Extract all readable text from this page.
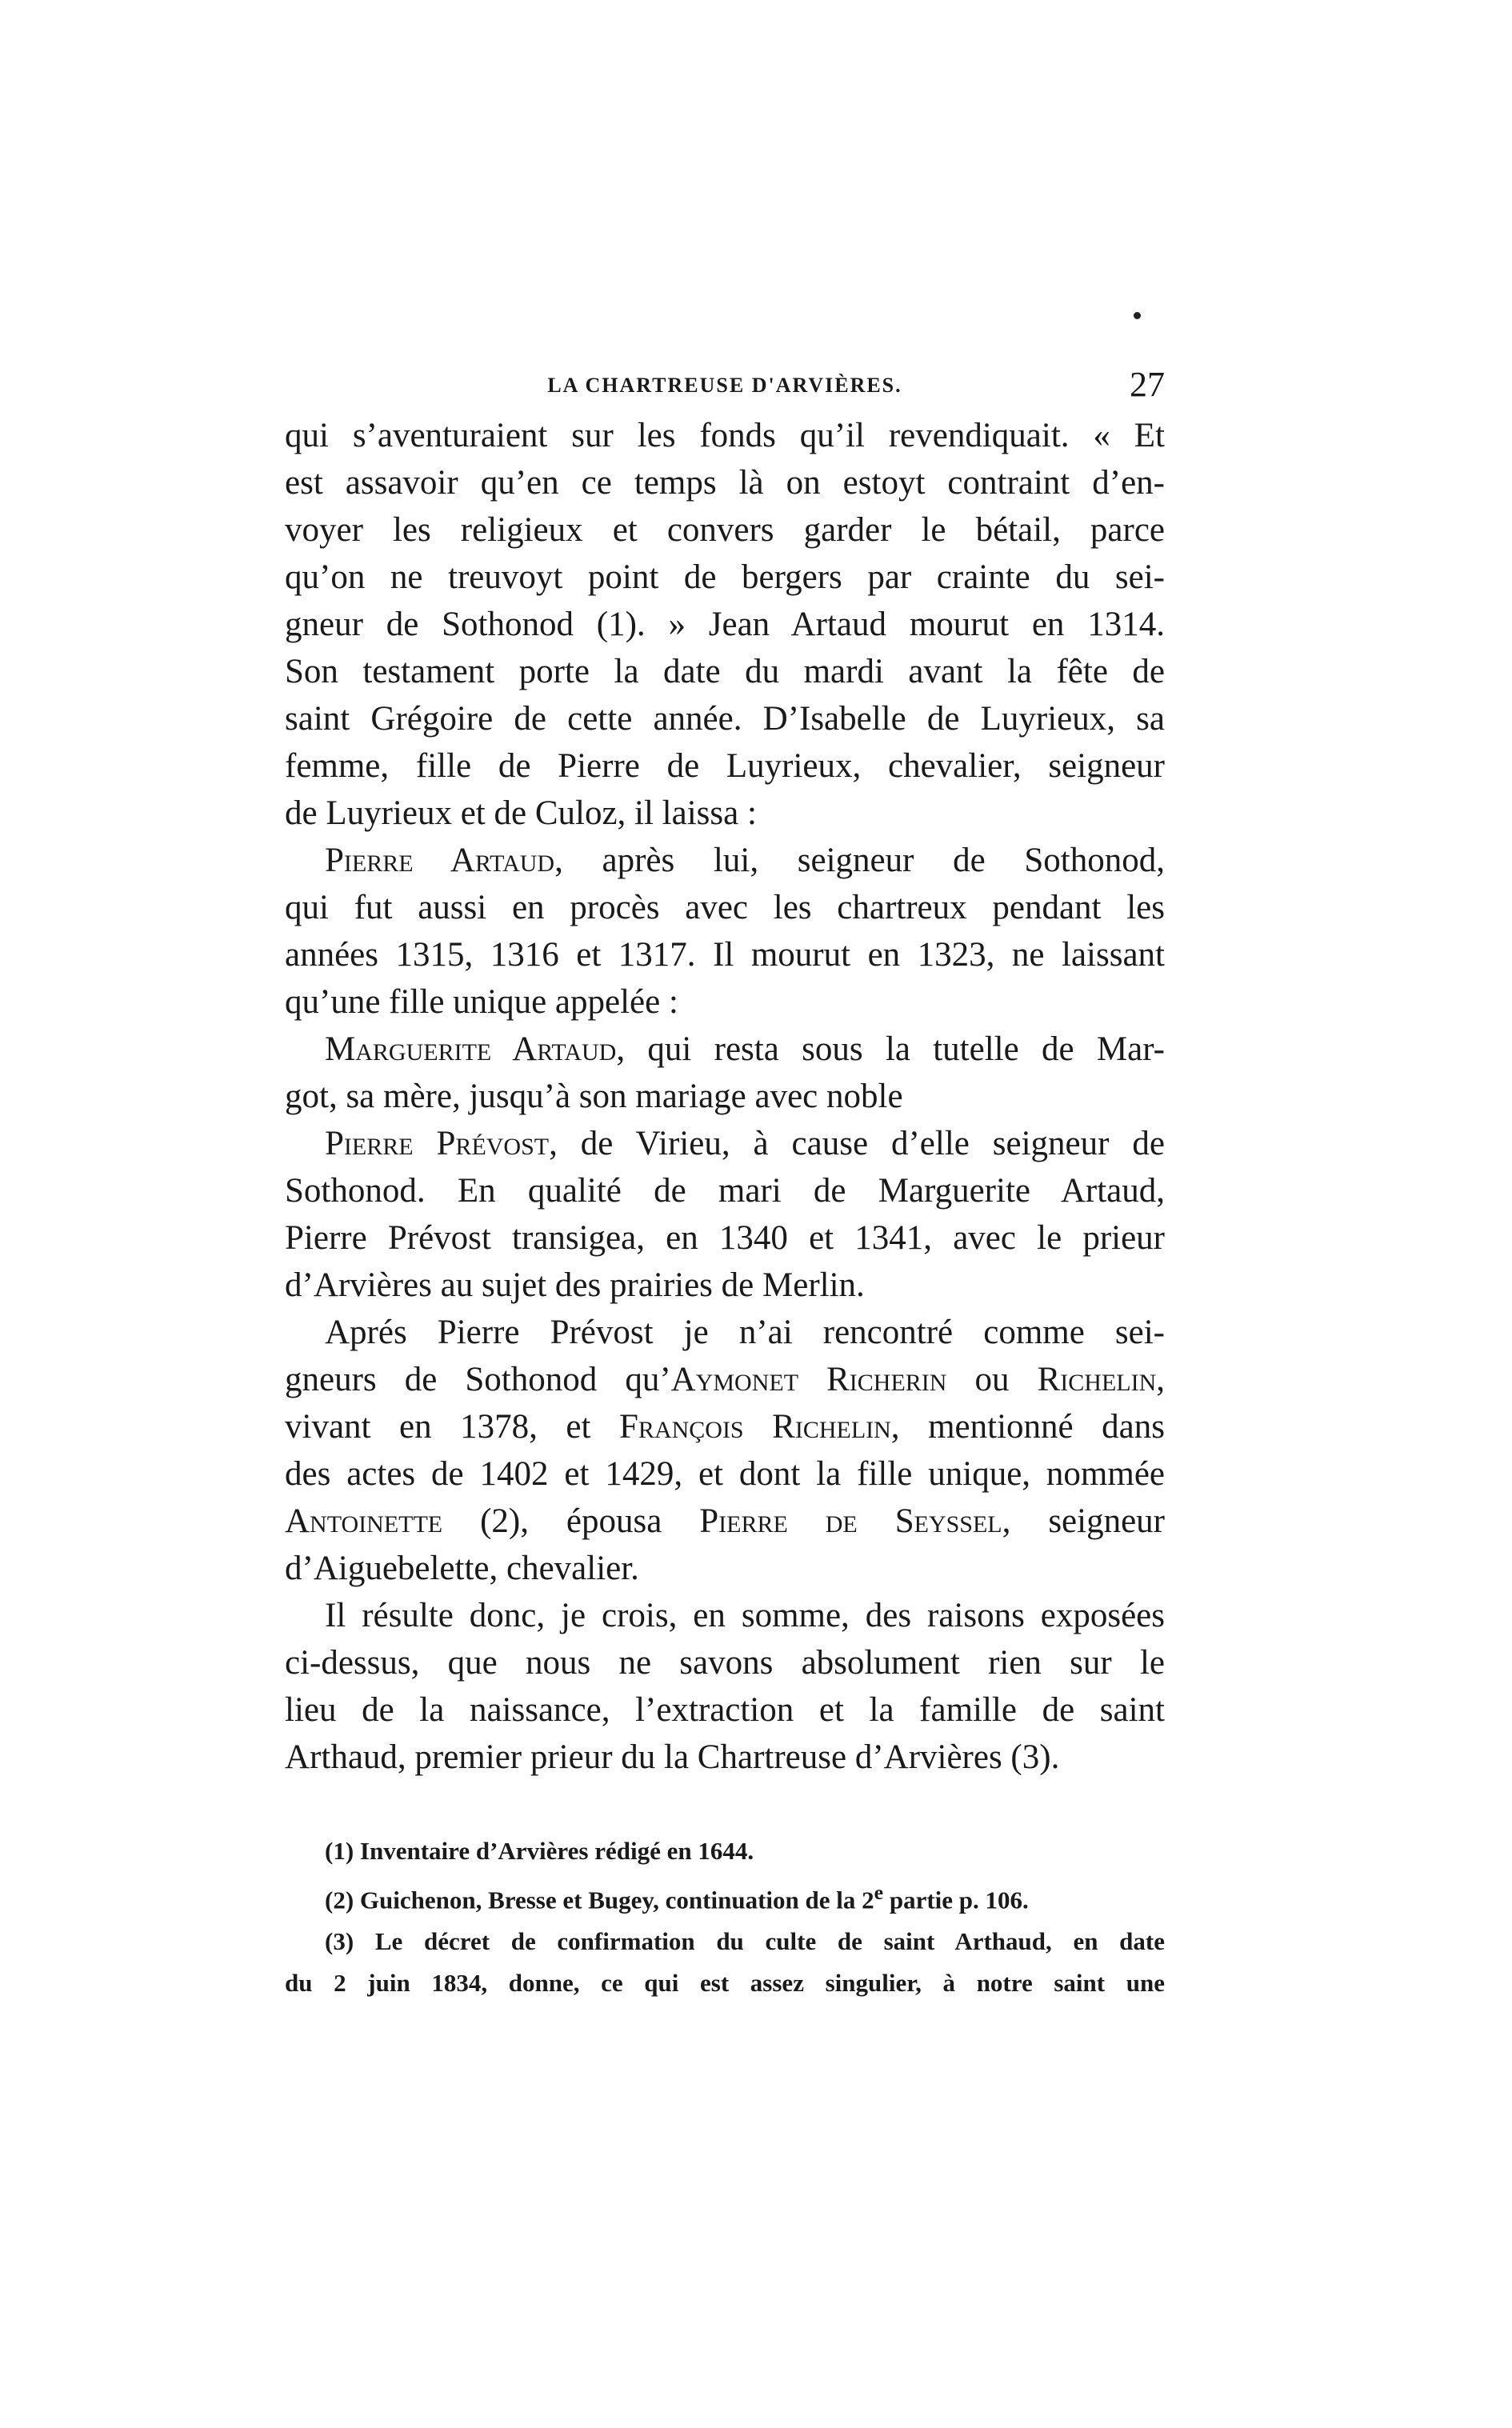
LA CHARTREUSE D'ARVIÈRES.	27

qui s’aventuraient sur les fonds qu’il revendiquait. « Et
est assavoir qu’en ce temps là on estoyt contraint d’en-
voyer les religieux et convers garder le bétail, parce
qu’on ne treuvoyt point de bergers par crainte du sei-
gneur de Sothonod (1). » Jean Artaud mourut en 1314.
Son testament porte la date du mardi avant la fête de
saint Grégoire de cette année. D’Isabelle de Luyrieux, sa
femme, fille de Pierre de Luyrieux, chevalier, seigneur
de Luyrieux et de Culoz, il laissa :

Pierre Artaud, après lui, seigneur de Sothonod,
qui fut aussi en procès avec les chartreux pendant les
années 1315, 1316 et 1317. Il mourut en 1323, ne laissant
qu’une fille unique appelée :

Marguerite Artaud, qui resta sous la tutelle de Mar-
got, sa mère, jusqu’à son mariage avec noble

Pierre Prévost, de Virieu, à cause d’elle seigneur de
Sothonod. En qualité de mari de Marguerite Artaud,
Pierre Prévost transigea, en 1340 et 1341, avec le prieur
d’Arvières au sujet des prairies de Merlin.

Aprés Pierre Prévost je n’ai rencontré comme sei-
gneurs de Sothonod qu’Aymonet Richerin ou Richelin,
vivant en 1378, et François Richelin, mentionné dans
des actes de 1402 et 1429, et dont la fille unique, nommée
Antoinette (2), épousa Pierre de Seyssel, seigneur
d’Aiguebelette, chevalier.

Il résulte donc, je crois, en somme, des raisons exposées
ci-dessus, que nous ne savons absolument rien sur le
lieu de la naissance, l’extraction et la famille de saint
Arthaud, premier prieur du la Chartreuse d’Arvières (3).

(1) Inventaire d’Arvières rédigé en 1644.

(2) Guichenon, Bresse et Bugey, continuation de la 2e partie p. 106.

(3) Le décret de confirmation du culte de saint Arthaud, en date
du 2 juin 1834, donne, ce qui est assez singulier, à notre saint une
